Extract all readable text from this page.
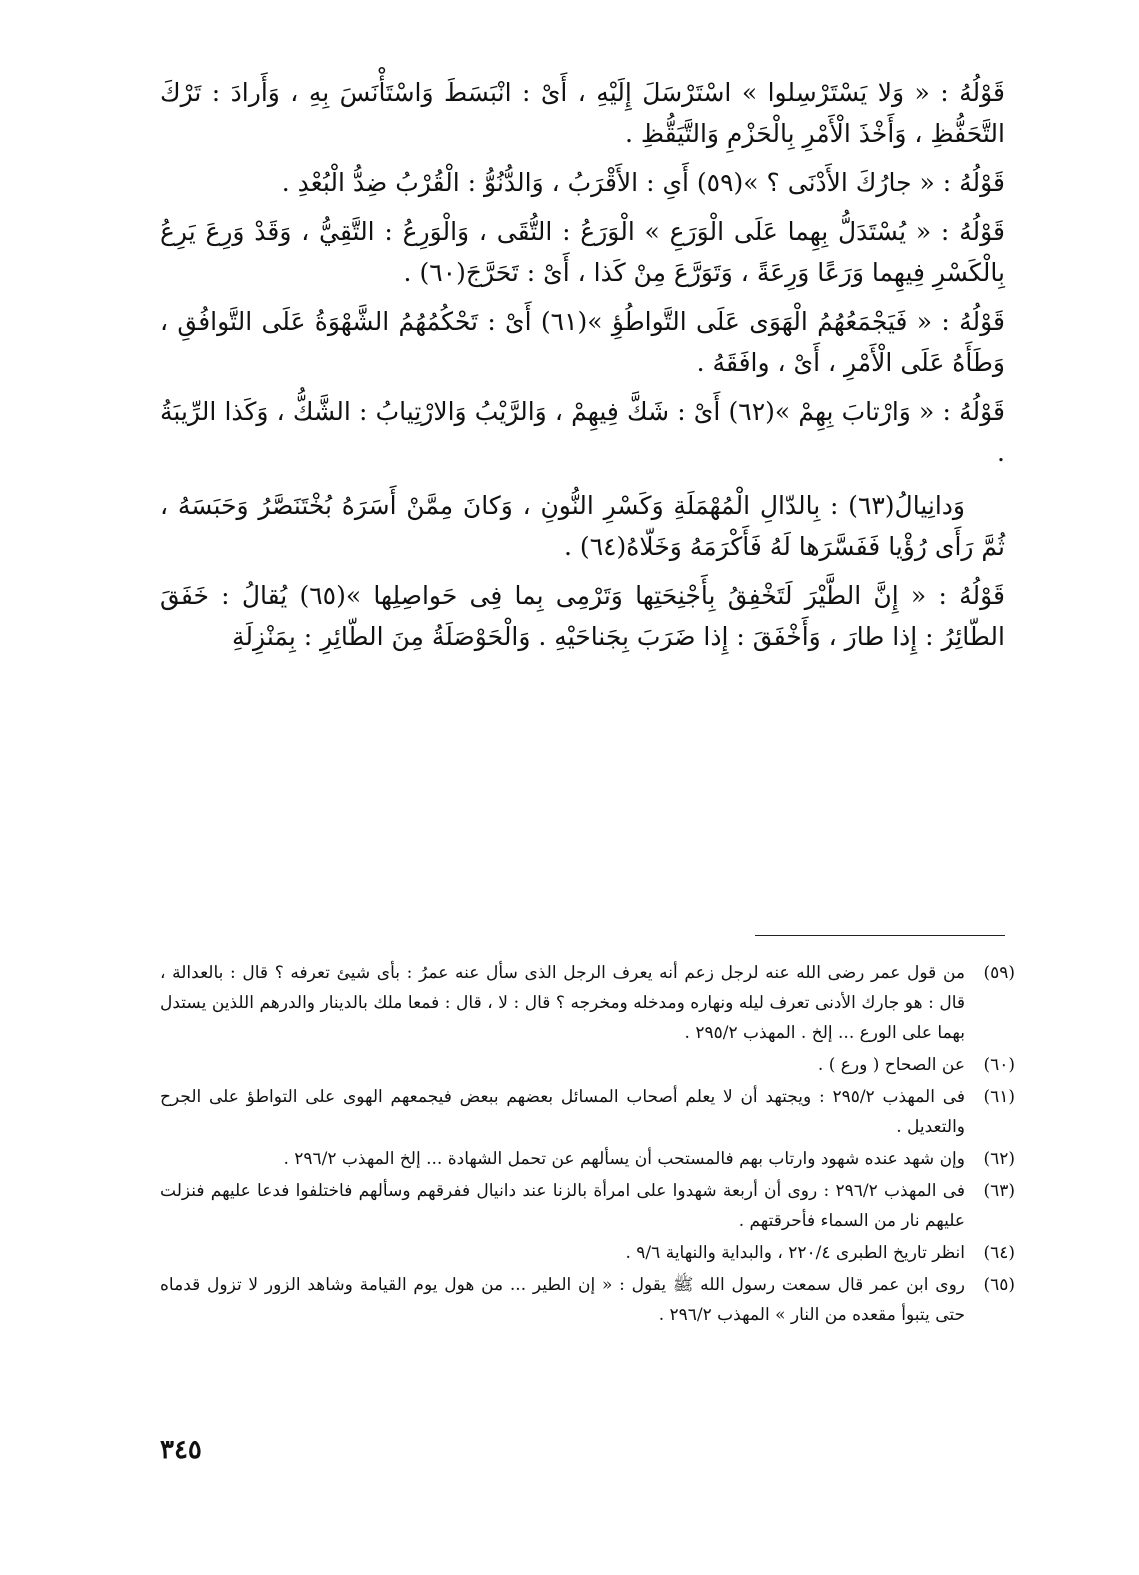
قَوْلُهُ : « وَلا يَسْتَرْسِلوا » اسْتَرْسَلَ إِلَيْهِ ، أَىْ : انْبَسَطَ وَاسْتَأْنَسَ بِهِ ، وَأَرادَ : تَرْكَ التَّحَفُّظِ ، وَأَخْذَ الْأَمْرِ بِالْحَزْمِ وَالتَّيَقُّظِ .

قَوْلُهُ : « جارُكَ الأَدْنَى ؟ »(٥٩) أَىِ : الأَقْرَبُ ، وَالدُّنُوُّ : الْقُرْبُ ضِدُّ الْبُعْدِ .

قَوْلُهُ : « يُسْتَدَلُّ بِهِما عَلَى الْوَرَعِ » الْوَرَعُ : التُّقَى ، وَالْوَرِعُ : التَّقِيُّ ، وَقَدْ وَرِعَ يَرِعُ بِالْكَسْرِ فِيهِما وَرَعًا وَرِعَةً ، وَتَوَرَّعَ مِنْ كَذا ، أَىْ : تَحَرَّجَ(٦٠) .

قَوْلُهُ : « فَيَجْمَعُهُمُ الْهَوَى عَلَى التَّواطُؤِ »(٦١) أَىْ : تَحْكُمُهُمُ الشَّهْوَةُ عَلَى التَّوافُقِ ، وَطَأَهُ عَلَى الْأَمْرِ ، أَىْ ، وافَقَهُ .

قَوْلُهُ : « وَارْتابَ بِهِمْ »(٦٢) أَىْ : شَكَّ فِيهِمْ ، وَالرَّيْبُ وَالارْتِيابُ : الشَّكُّ ، وَكَذا الرِّيبَةُ .

وَدانِيالُ(٦٣) : بِالدّالِ الْمُهْمَلَةِ وَكَسْرِ النُّونِ ، وَكانَ مِمَّنْ أَسَرَهُ بُخْتَنَصَّرُ وَحَبَسَهُ ، ثُمَّ رَأَى رُؤْيا فَفَسَّرَها لَهُ فَأَكْرَمَهُ وَخَلّاهُ(٦٤) .

قَوْلُهُ : « إِنَّ الطَّيْرَ لَتَخْفِقُ بِأَجْنِحَتِها وَتَرْمِى بِما فِى حَواصِلِها »(٦٥) يُقالُ : خَفَقَ الطّائِرُ : إِذا طارَ ، وَأَخْفَقَ : إِذا ضَرَبَ بِجَناحَيْهِ . وَالْحَوْصَلَةُ مِنَ الطّائِرِ : بِمَنْزِلَةِ

(٥٩)
من قول عمر رضى الله عنه لرجل زعم أنه يعرف الرجل الذى سأل عنه عمرُ : بأى شيئ تعرفه ؟ قال : بالعدالة ، قال : هو جارك الأدنى تعرف ليله ونهاره ومدخله ومخرجه ؟ قال : لا ، قال : فمعا ملك بالدينار والدرهم اللذين يستدل بهما على الورع ... إلخ . المهذب ٢٩٥/٢ .
(٦٠)
عن الصحاح ( ورع ) .
(٦١)
فى المهذب ٢٩٥/٢ : ويجتهد أن لا يعلم أصحاب المسائل بعضهم ببعض فيجمعهم الهوى على التواطؤ على الجرح والتعديل .
(٦٢)
وإن شهد عنده شهود وارتاب بهم فالمستحب أن يسألهم عن تحمل الشهادة ... إلخ المهذب ٢٩٦/٢ .
(٦٣)
فى المهذب ٢٩٦/٢ : روى أن أربعة شهدوا على امرأة بالزنا عند دانيال ففرقهم وسألهم فاختلفوا فدعا عليهم فنزلت عليهم نار من السماء فأحرقتهم .
(٦٤)
انظر تاريخ الطبرى ٢٢٠/٤ ، والبداية والنهاية ٩/٦ .
(٦٥)
روى ابن عمر قال سمعت رسول الله ﷺ يقول : « إن الطير ... من هول يوم القيامة وشاهد الزور لا تزول قدماه حتى يتبوأ مقعده من النار » المهذب ٢٩٦/٢ .
٣٤٥
